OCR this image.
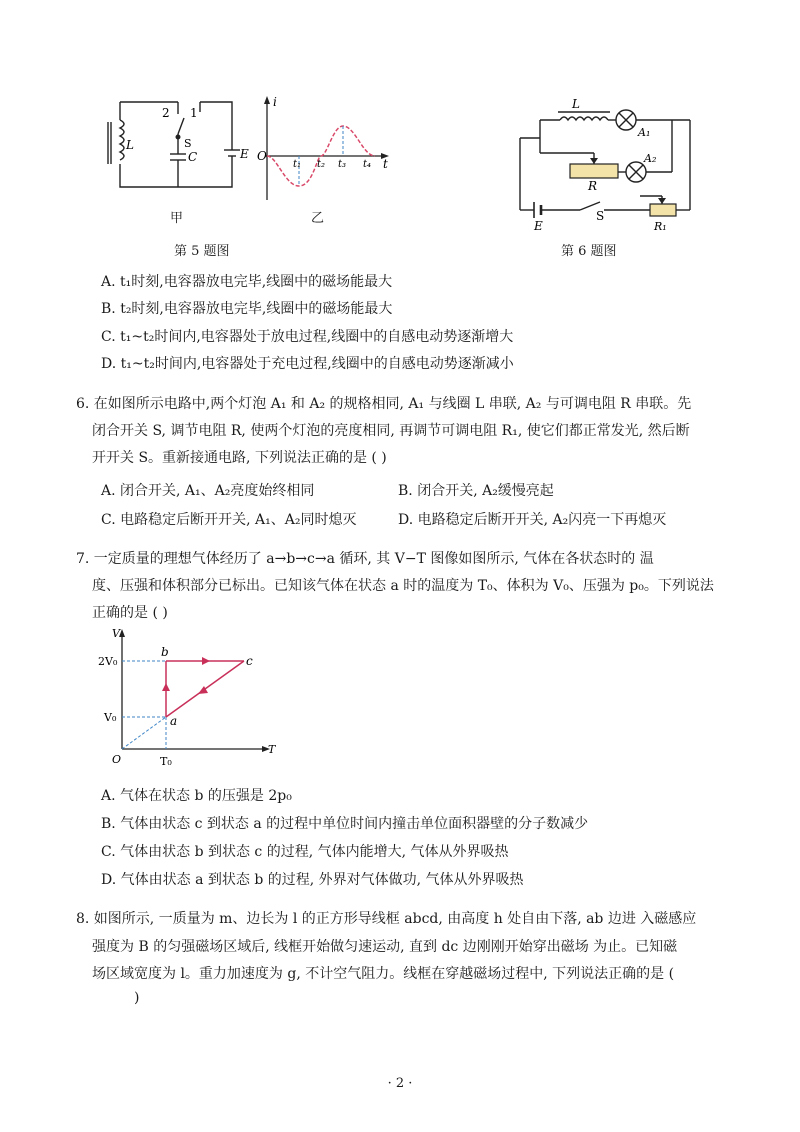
L
2 1
S
C	E
甲
O
i
t
t₁ t₂ t₃ t₄
乙
第 5 题图
L
A₁
A₂
R
E
S
R₁
第 6 题图
A. t₁时刻,电容器放电完毕,线圈中的磁场能最大
B. t₂时刻,电容器放电完毕,线圈中的磁场能最大
C. t₁~t₂时间内,电容器处于放电过程,线圈中的自感电动势逐渐增大
D. t₁~t₂时间内,电容器处于充电过程,线圈中的自感电动势逐渐减小
6. 在如图所示电路中,两个灯泡 A₁ 和 A₂ 的规格相同, A₁ 与线圈 L 串联, A₂ 与可调电阻 R 串联。先
闭合开关 S, 调节电阻 R, 使两个灯泡的亮度相同, 再调节可调电阻 R₁, 使它们都正常发光, 然后断
开开关 S。重新接通电路, 下列说法正确的是 ( )
A. 闭合开关, A₁、A₂亮度始终相同	B. 闭合开关, A₂缓慢亮起
C. 电路稳定后断开开关, A₁、A₂同时熄灭	D. 电路稳定后断开开关, A₂闪亮一下再熄灭
7. 一定质量的理想气体经历了 a→b→c→a 循环, 其 V−T 图像如图所示, 气体在各状态时的 温
度、压强和体积部分已标出。已知该气体在状态 a 时的温度为 T₀、体积为 V₀、压强为 p₀。下列说法
正确的是 ( )
V
T
O
2V₀
V₀
T₀
a
b
c
A. 气体在状态 b 的压强是 2p₀
B. 气体由状态 c 到状态 a 的过程中单位时间内撞击单位面积器壁的分子数减少
C. 气体由状态 b 到状态 c 的过程, 气体内能增大, 气体从外界吸热
D. 气体由状态 a 到状态 b 的过程, 外界对气体做功, 气体从外界吸热
8. 如图所示, 一质量为 m、边长为 l 的正方形导线框 abcd, 由高度 h 处自由下落, ab 边进 入磁感应
强度为 B 的匀强磁场区域后, 线框开始做匀速运动, 直到 dc 边刚刚开始穿出磁场 为止。已知磁
场区域宽度为 l。重力加速度为 g, 不计空气阻力。线框在穿越磁场过程中, 下列说法正确的是 (
)
· 2 ·
